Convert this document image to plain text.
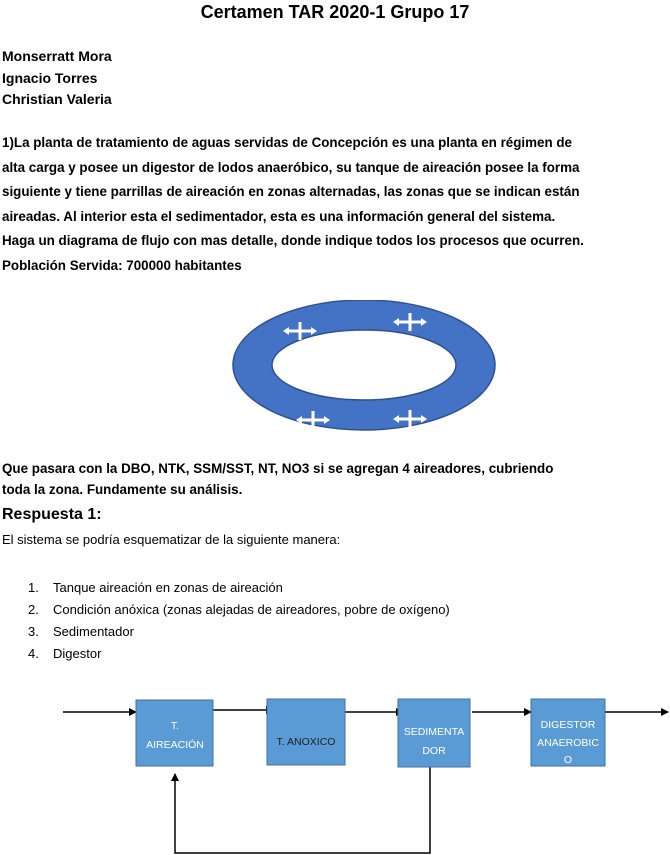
Certamen TAR 2020-1 Grupo 17
Monserratt Mora
Ignacio Torres
Christian Valeria

1)La planta de tratamiento de aguas servidas de Concepción es una planta en régimen de

alta carga y posee un digestor de lodos anaeróbico, su tanque de aireación posee la forma

siguiente y tiene parrillas de aireación en zonas alternadas, las zonas que se indican están

aireadas. Al interior esta el sedimentador, esta es una información general del sistema.

Haga un diagrama de flujo con mas detalle, donde indique todos los procesos que ocurren.

Población Servida: 700000 habitantes

Que pasara con la DBO, NTK, SSM/SST, NT, NO3 si se agregan 4 aireadores, cubriendo
toda la zona. Fundamente su análisis.
Respuesta 1:
El sistema se podría esquematizar de la siguiente manera:
1. Tanque aireación en zonas de aireación
2. Condición anóxica (zonas alejadas de aireadores, pobre de oxígeno)
3. Sedimentador
4. Digestor
T.
AIREACIÓN	T. ANOXICO
SEDIMENTA
DOR
DIGESTOR
ANAEROBIC
O
